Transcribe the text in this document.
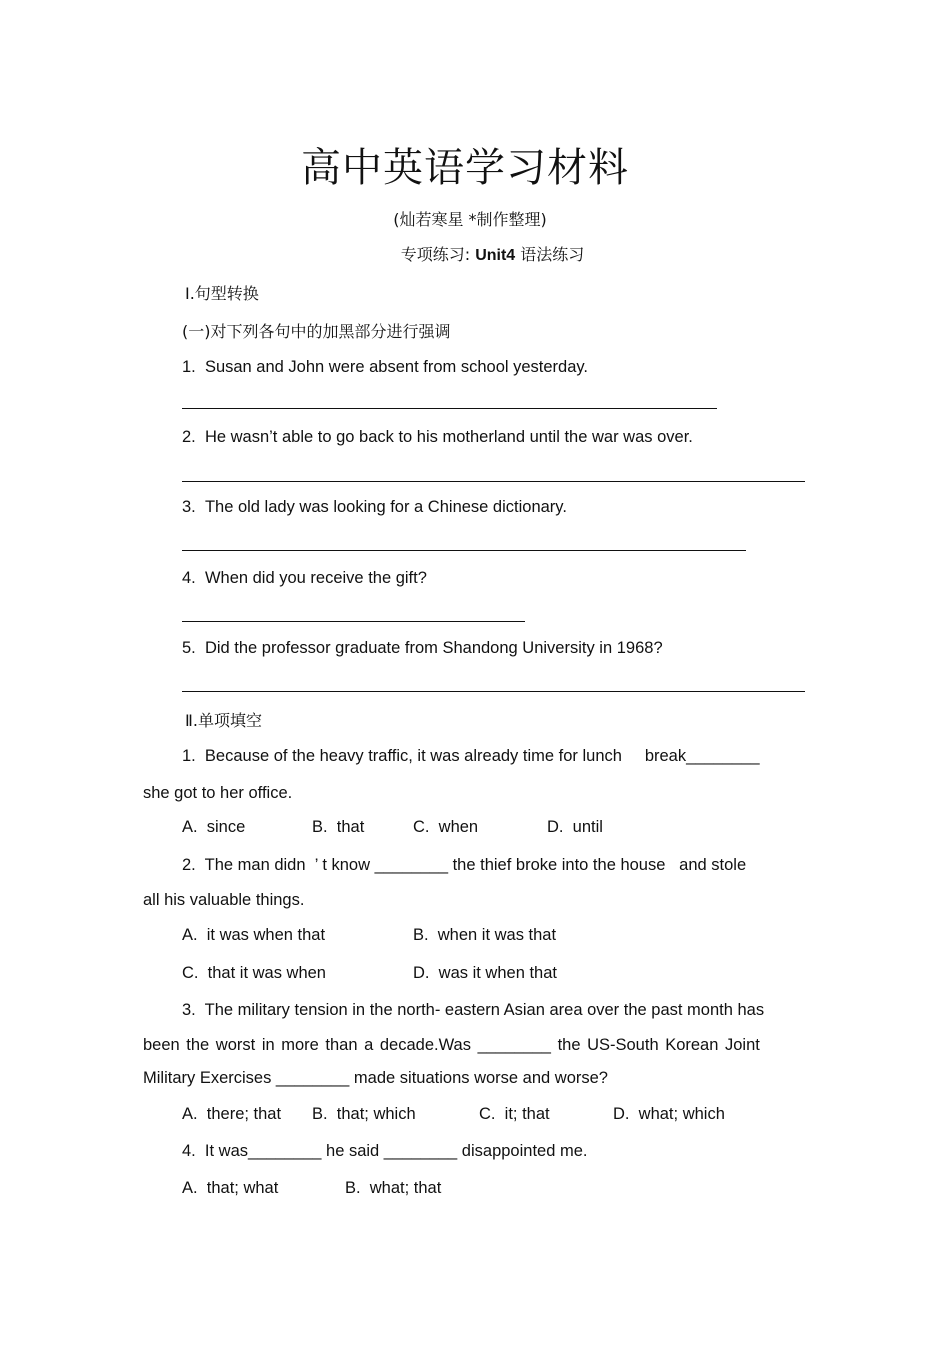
高中英语学习材料
(灿若寒星 *制作整理)
专项练习: Unit4 语法练习
Ⅰ.句型转换
(一)对下列各句中的加黑部分进行强调
1. Susan and John were absent from school yesterday.
2. He wasn’t able to go back to his motherland until the war was over.
3. The old lady was looking for a Chinese dictionary.
4. When did you receive the gift?
5. Did the professor graduate from Shandong University in 1968?
Ⅱ.单项填空
1.  Because of the heavy traffic, it was already time for lunch     break________
she got to her office.
A.  since	B.  that	C.  when	D.  until
2.  The man didn  ’ t know ________ the thief broke into the house   and stole
all his valuable things.
A.  it was when that	B.  when it was that
C.  that it was when	D.  was it when that
3.  The military tension in the north- eastern Asian area over the past month has
been the worst in more than a decade.Was ________ the US-South Korean Joint
Military Exercises ________ made situations worse and worse?
A.  there; that B.  that; which	C.  it; that	D.  what; which
4.  It was________ he said ________ disappointed me.
A.  that; what	B.  what; that
